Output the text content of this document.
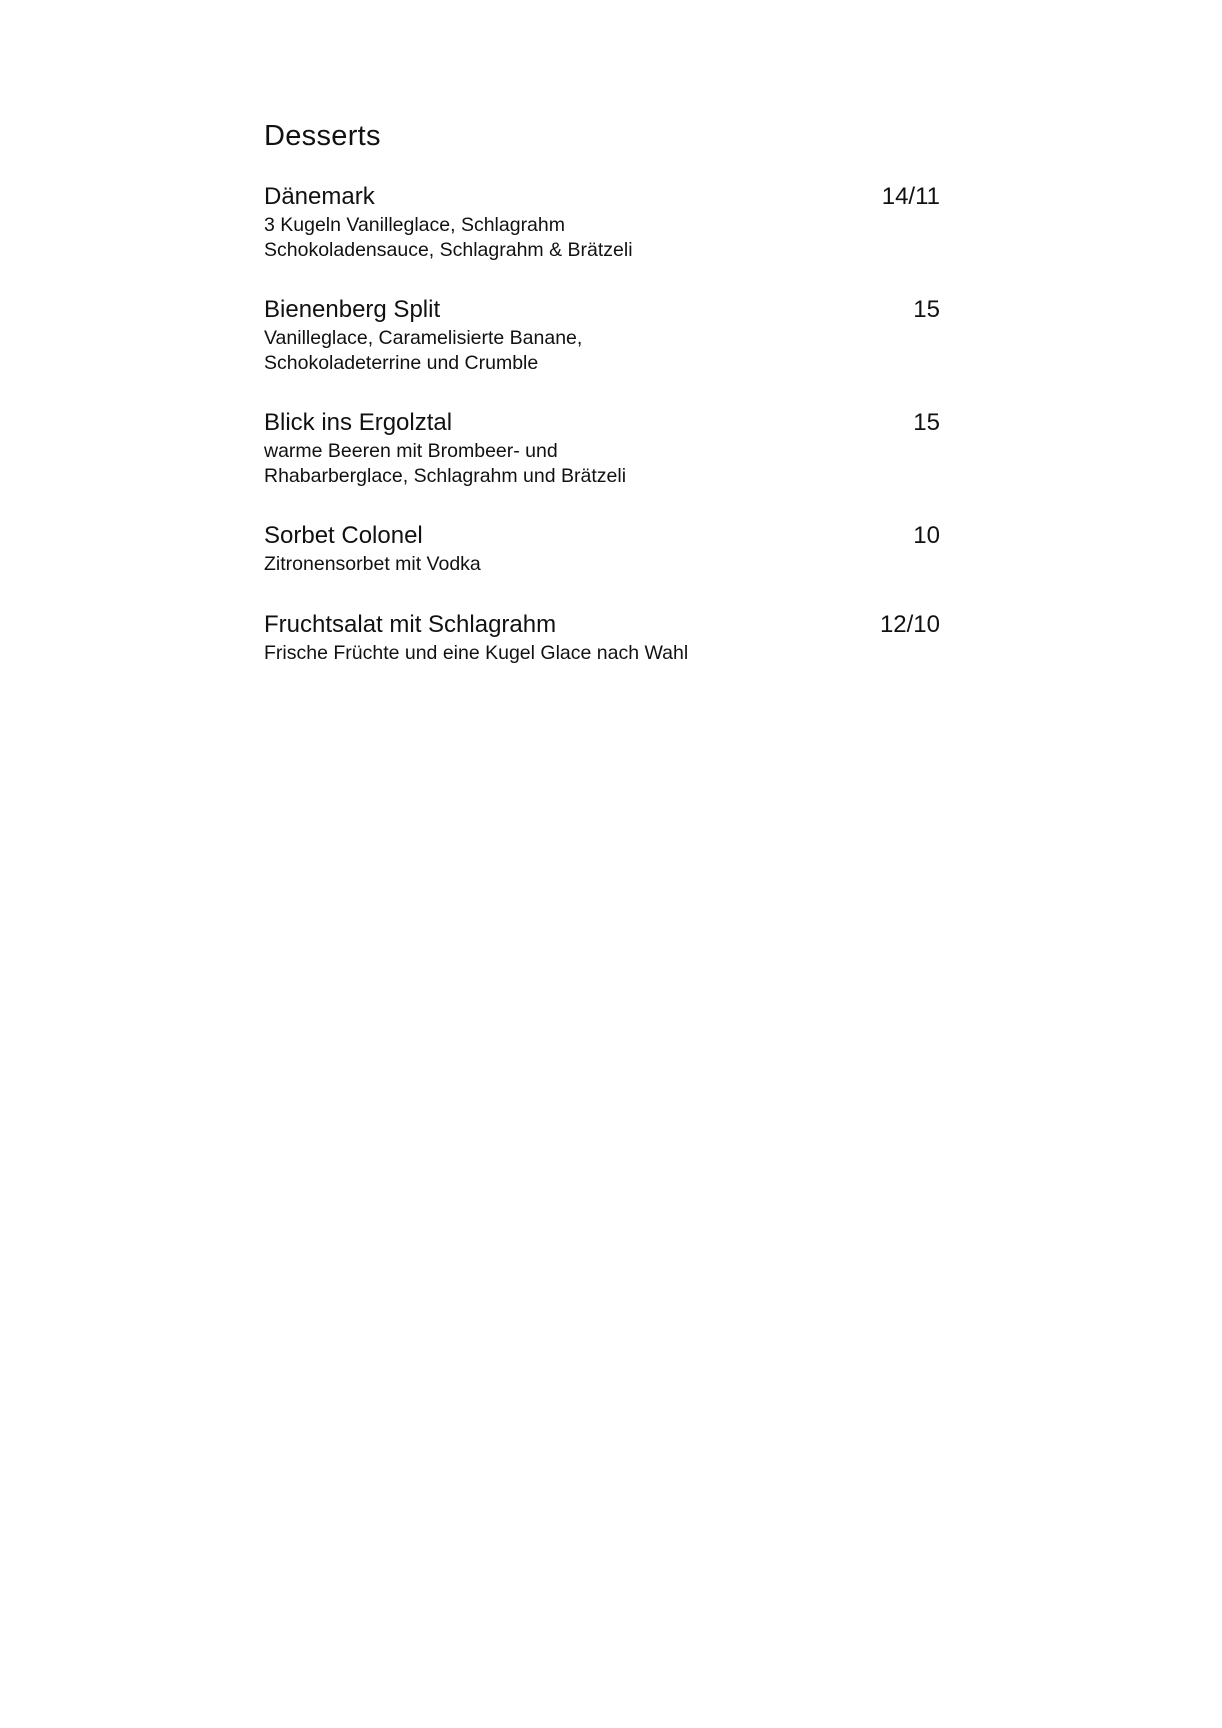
Desserts
Dänemark	14/11
3 Kugeln Vanilleglace, Schlagrahm
Schokoladensauce, Schlagrahm & Brätzeli
Bienenberg Split	15
Vanilleglace, Caramelisierte Banane,
Schokoladeterrine und Crumble
Blick ins Ergolztal	15
warme Beeren mit Brombeer- und
Rhabarberglace, Schlagrahm und Brätzeli
Sorbet Colonel	10
Zitronensorbet mit Vodka
Fruchtsalat mit Schlagrahm	12/10
Frische Früchte und eine Kugel Glace nach Wahl
